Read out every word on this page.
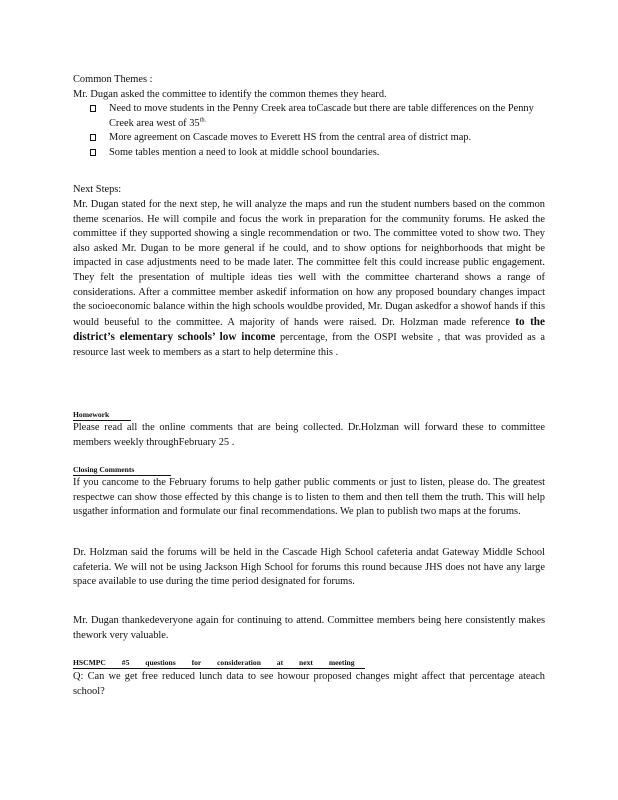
Common Themes :
Mr. Dugan asked the committee to identify the common themes they heard.
Need to move students in the Penny Creek area toCascade but there are table differences on the Penny Creek area west of $35^{th.}$
More agreement on Cascade moves to Everett HS from the central area of district map.
Some tables mention a need to look at middle school boundaries.
Next Steps:
Mr. Dugan stated for the next step, he will analyze the maps and run the student numbers based on the common theme scenarios. He will compile and focus the work in preparation for the community forums. He asked the committee if they supported showing a single recommendation or two. The committee voted to show two. They also asked Mr. Dugan to be more general if he could, and to show options for neighborhoods that might be impacted in case adjustments need to be made later. The committee felt this could increase public engagement. They felt the presentation of multiple ideas ties well with the committee charterand shows a range of considerations. After a committee member askedif information on how any proposed boundary changes impact the socioeconomic balance within the high schools wouldbe provided, Mr. Dugan askedfor a showof hands if this would beuseful to the committee. A majority of hands were raised. Dr. Holzman made reference to the district’s elementary schools’ low income percentage, from the OSPI website , that was provided as a resource last week to members as a start to help determine this .
Homework
Please read all the online comments that are being collected. Dr.Holzman will forward these to committee members weekly throughFebruary 25 .
Closing Comments
If you cancome to the February forums to help gather public comments or just to listen, please do. The greatest respectwe can show those effected by this change is to listen to them and then tell them the truth. This will help usgather information and formulate our final recommendations. We plan to publish two maps at the forums.
Dr. Holzman said the forums will be held in the Cascade High School cafeteria andat Gateway Middle School cafeteria. We will not be using Jackson High School for forums this round because JHS does not have any large space available to use during the time period designated for forums.
Mr. Dugan thankedeveryone again for continuing to attend. Committee members being here consistently makes thework very valuable.
HSCMPC #5 questions for consideration at next meeting
Q: Can we get free reduced lunch data to see howour proposed changes might affect that percentage ateach school?
